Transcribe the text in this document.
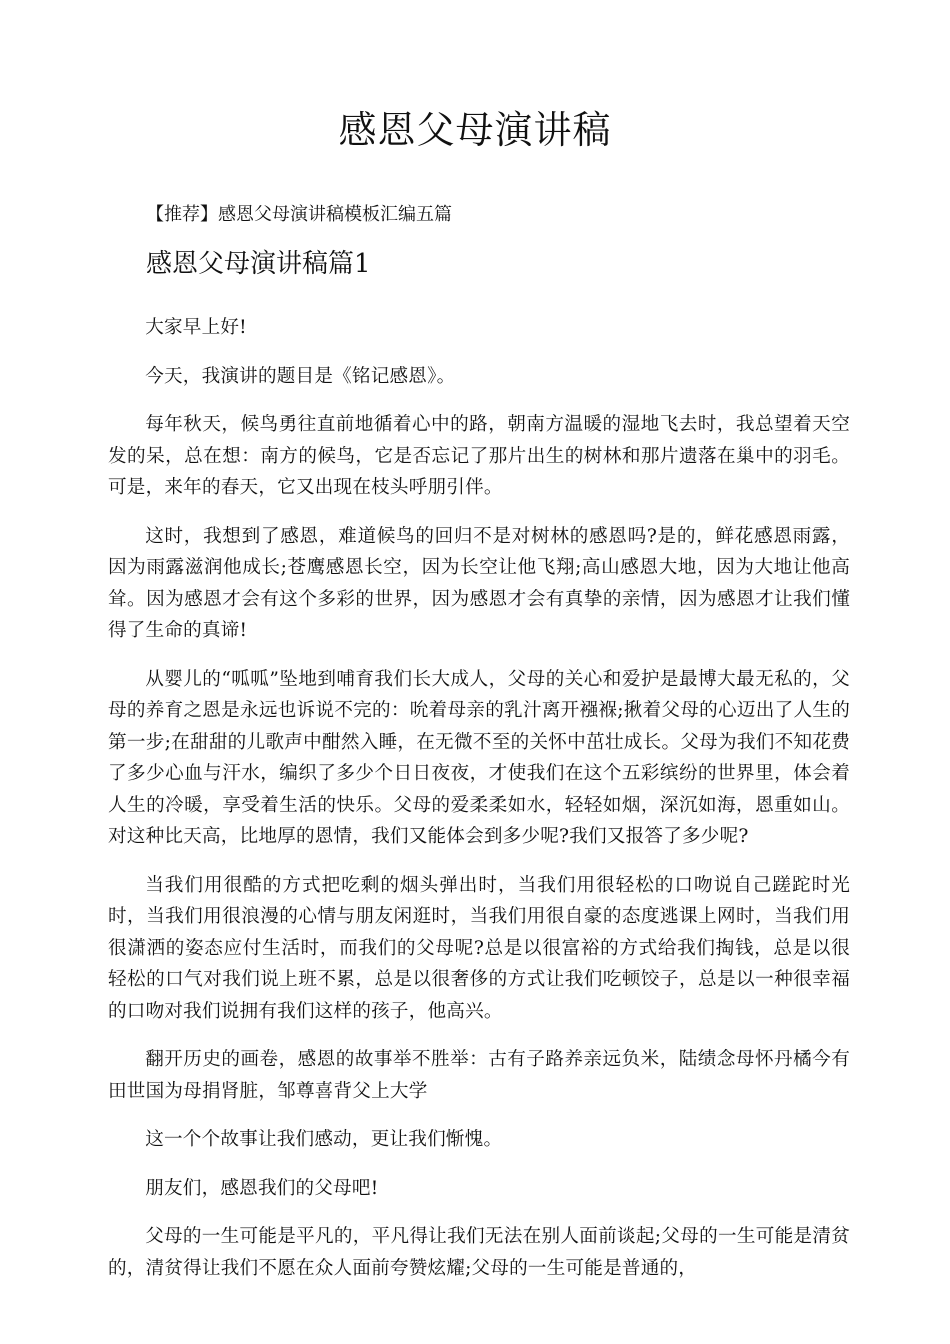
感恩父母演讲稿

【推荐】感恩父母演讲稿模板汇编五篇

感恩父母演讲稿篇1

大家早上好!

今天，我演讲的题目是《铭记感恩》。

每年秋天，候鸟勇往直前地循着心中的路，朝南方温暖的湿地飞去时，我总望着天空发的呆，总在想：南方的候鸟，它是否忘记了那片出生的树林和那片遗落在巢中的羽毛。可是，来年的春天，它又出现在枝头呼朋引伴。

这时，我想到了感恩，难道候鸟的回归不是对树林的感恩吗?是的，鲜花感恩雨露，因为雨露滋润他成长;苍鹰感恩长空，因为长空让他飞翔;高山感恩大地，因为大地让他高耸。因为感恩才会有这个多彩的世界，因为感恩才会有真挚的亲情，因为感恩才让我们懂得了生命的真谛!

从婴儿的“呱呱”坠地到哺育我们长大成人，父母的关心和爱护是最博大最无私的，父母的养育之恩是永远也诉说不完的：吮着母亲的乳汁离开襁褓;揪着父母的心迈出了人生的第一步;在甜甜的儿歌声中酣然入睡，在无微不至的关怀中茁壮成长。父母为我们不知花费了多少心血与汗水，编织了多少个日日夜夜，才使我们在这个五彩缤纷的世界里，体会着人生的冷暖，享受着生活的快乐。父母的爱柔柔如水，轻轻如烟，深沉如海，恩重如山。对这种比天高，比地厚的恩情，我们又能体会到多少呢?我们又报答了多少呢?

当我们用很酷的方式把吃剩的烟头弹出时，当我们用很轻松的口吻说自己蹉跎时光时，当我们用很浪漫的心情与朋友闲逛时，当我们用很自豪的态度逃课上网时，当我们用很潇洒的姿态应付生活时，而我们的父母呢?总是以很富裕的方式给我们掏钱，总是以很轻松的口气对我们说上班不累，总是以很奢侈的方式让我们吃顿饺子，总是以一种很幸福的口吻对我们说拥有我们这样的孩子，他高兴。

翻开历史的画卷，感恩的故事举不胜举：古有子路养亲远负米，陆绩念母怀丹橘今有田世国为母捐肾脏，邹尊喜背父上大学

这一个个故事让我们感动，更让我们惭愧。

朋友们，感恩我们的父母吧!

父母的一生可能是平凡的，平凡得让我们无法在别人面前谈起;父母的一生可能是清贫的，清贫得让我们不愿在众人面前夸赞炫耀;父母的一生可能是普通的，
